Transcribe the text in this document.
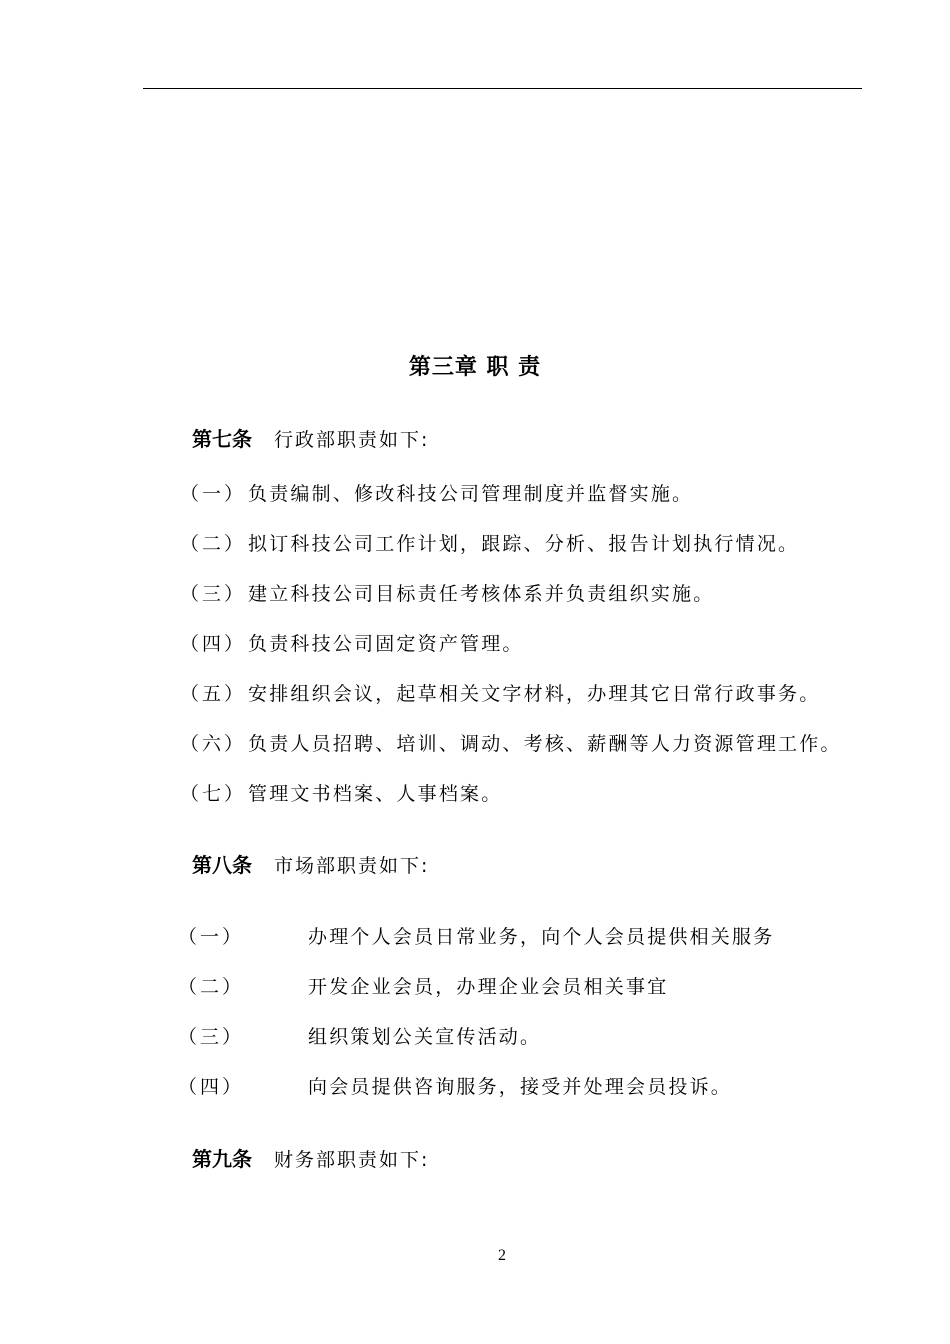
第三章 职 责
第七条 行政部职责如下:
（一） 负责编制、修改科技公司管理制度并监督实施。
（二） 拟订科技公司工作计划，跟踪、分析、报告计划执行情况。
（三） 建立科技公司目标责任考核体系并负责组织实施。
（四） 负责科技公司固定资产管理。
（五） 安排组织会议，起草相关文字材料，办理其它日常行政事务。
（六） 负责人员招聘、培训、调动、考核、薪酬等人力资源管理工作。
（七） 管理文书档案、人事档案。
第八条 市场部职责如下:
（一）	办理个人会员日常业务，向个人会员提供相关服务
（二）	开发企业会员，办理企业会员相关事宜
（三）	组织策划公关宣传活动。
（四）	向会员提供咨询服务，接受并处理会员投诉。
第九条 财务部职责如下:
2
